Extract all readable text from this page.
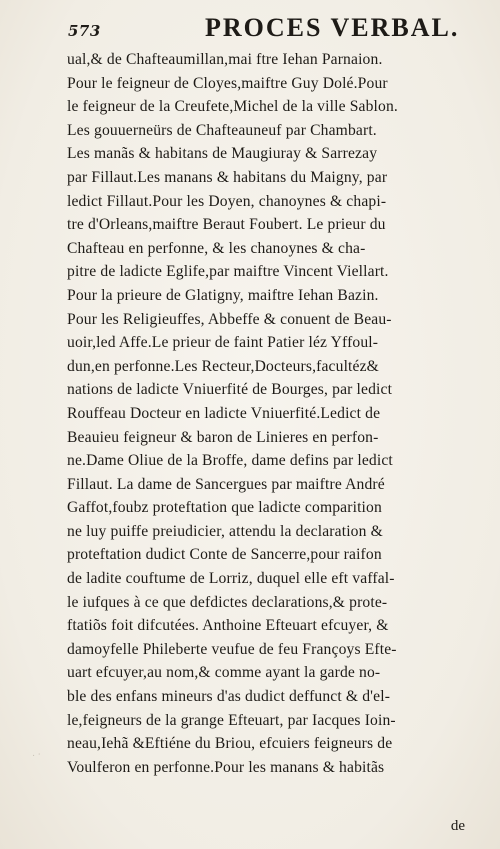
573	PROCES VERBAL.
ual,& de Chafteaumillan,mai ftre Iehan Parnaion.
Pour le feigneur de Cloyes,maiftre Guy Dolé.Pour
le feigneur de la Creufete,Michel de la ville Sablon.
Les gouuerneürs de Chafteauneuf par Chambart.
Les manãs & habitans de Maugiuray & Sarrezay
par Fillaut.Les manans & habitans du Maigny, par
ledict Fillaut.Pour les Doyen, chanoynes & chapi-
tre d'Orleans,maiftre Beraut Foubert. Le prieur du
Chafteau en perfonne, & les chanoynes & cha-
pitre de ladicte Eglife,par maiftre Vincent Viellart.
Pour la prieure de Glatigny, maiftre Iehan Bazin.
Pour les Religieuffes, Abbeffe & conuent de Beau-
uoir,led Affe.Le prieur de faint Patier léz Yffoul-
dun,en perfonne.Les Recteur,Docteurs,facultéz&
nations de ladicte Vniuerfité de Bourges, par ledict
Rouffeau Docteur en ladicte Vniuerfité.Ledict de
Beauieu feigneur & baron de Linieres en perfon-
ne.Dame Oliue de la Broffe, dame defins par ledict
Fillaut. La dame de Sancergues par maiftre André
Gaffot,foubz proteftation que ladicte comparition
ne luy puiffe preiudicier, attendu la declaration &
proteftation dudict Conte de Sancerre,pour raifon
de ladite couftume de Lorriz, duquel elle eft vaffal-
le iufques à ce que defdictes declarations,& prote-
ftatiõs foit difcutées. Anthoine Efteuart efcuyer, &
damoyfelle Phileberte veufue de feu Françoys Efte-
uart efcuyer,au nom,& comme ayant la garde no-
ble des enfans mineurs d'as dudict deffunct & d'el-
le,feigneurs de la grange Efteuart, par Iacques Ioin-
neau,Iehã &Eftiéne du Briou, efcuiers feigneurs de
Voulferon en perfonne.Pour les manans & habitãs
de
· ·
